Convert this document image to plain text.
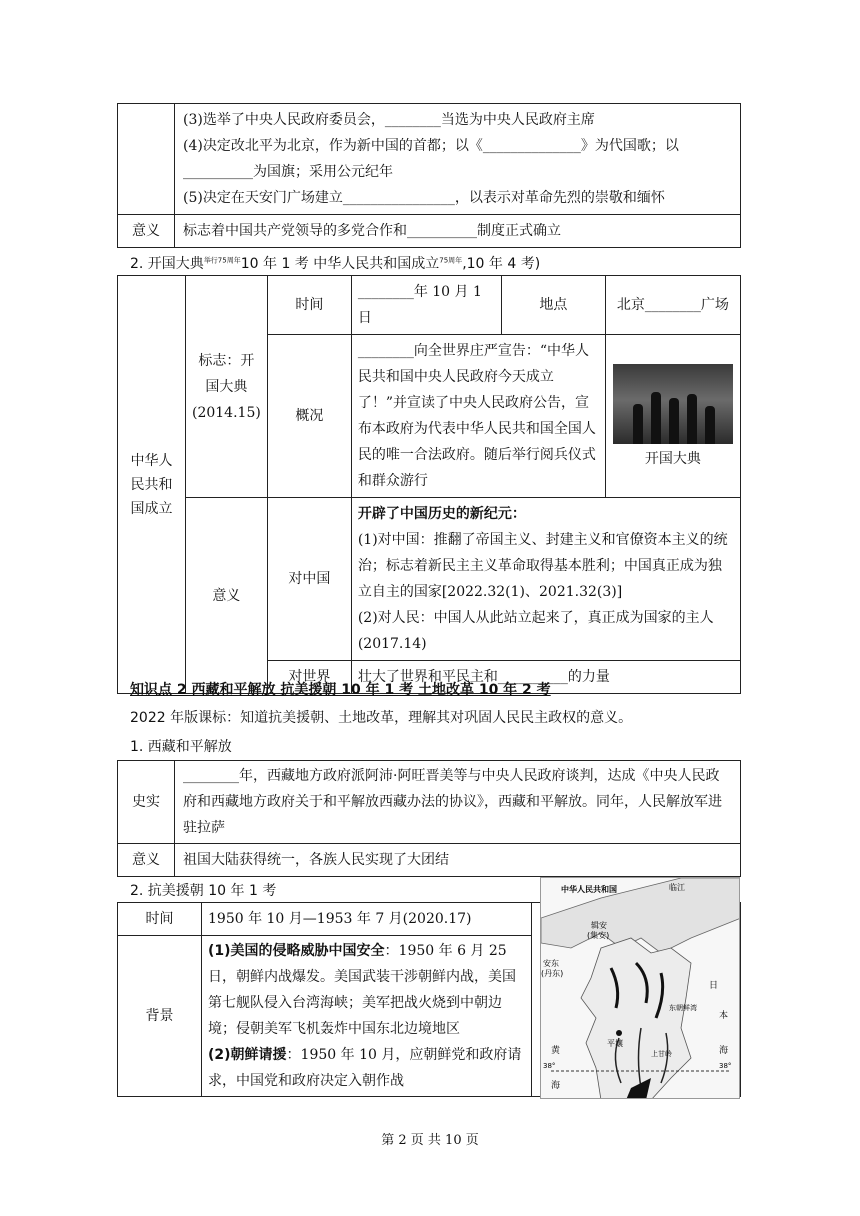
	(3)选举了中央人民政府委员会，________当选为中央人民政府主席
(4)决定改北平为北京，作为新中国的首都；以《______________》为代国歌；以
__________为国旗；采用公元纪年
(5)决定在天安门广场建立________________，以表示对革命先烈的崇敬和缅怀

意义	标志着中国共产党领导的多党合作和__________制度正式确立
2. 开国大典$^{举行75周年}$10 年 1 考 中华人民共和国成立$^{75周年}$,10 年 4 考)
中华人民共和国成立	标志：开国大典(2014.15)	时间	________年 10 月 1 日	地点	北京________广场
		概况	________向全世界庄严宣告：“中华人民共和国中央人民政府今天成立了！”并宣读了中央人民政府公告，宣布本政府为代表中华人民共和国全国人民的唯一合法政府。随后举行阅兵仪式和群众游行		开国大典

	意义	对中国	开辟了中国历史的新纪元：
(1)对中国：推翻了帝国主义、封建主义和官僚资本主义的统治；标志着新民主主义革命取得基本胜利；中国真正成为独立自主的国家[2022.32(1)、2021.32(3)]
(2)对人民：中国人从此站立起来了，真正成为国家的主人(2017.14)		

		对世界	壮大了世界和平民主和__________的力量		
知识点 2 西藏和平解放 抗美援朝 10 年 1 考 土地改革 10 年 2 考
2022 年版课标：知道抗美援朝、土地改革，理解其对巩固人民民主政权的意义。
1. 西藏和平解放
史实	________年，西藏地方政府派阿沛·阿旺晋美等与中央人民政府谈判，达成《中央人民政府和西藏地方政府关于和平解放西藏办法的协议》，西藏和平解放。同年，人民解放军进驻拉萨
意义	祖国大陆获得统一，各族人民实现了大团结
2. 抗美援朝 10 年 1 考
时间	1950 年 10 月—1953 年 7 月(2020.17)	
背景	(1)美国的侵略威胁中国安全：1950 年 6 月 25 日，朝鲜内战爆发。美国武装干涉朝鲜内战，美国第七舰队侵入台湾海峡；美军把战火烧到中朝边境；侵朝美军飞机轰炸中国东北边境地区
(2)朝鲜请援：1950 年 10 月，应朝鲜党和政府请求，中国党和政府决定入朝作战	
中华人民共和国	临江
辑安
(集安)
安东
(丹东)
平壤
上甘岭
东朝鲜湾
黄
海
日
本
海
38°	38°
第 2 页 共 10 页
